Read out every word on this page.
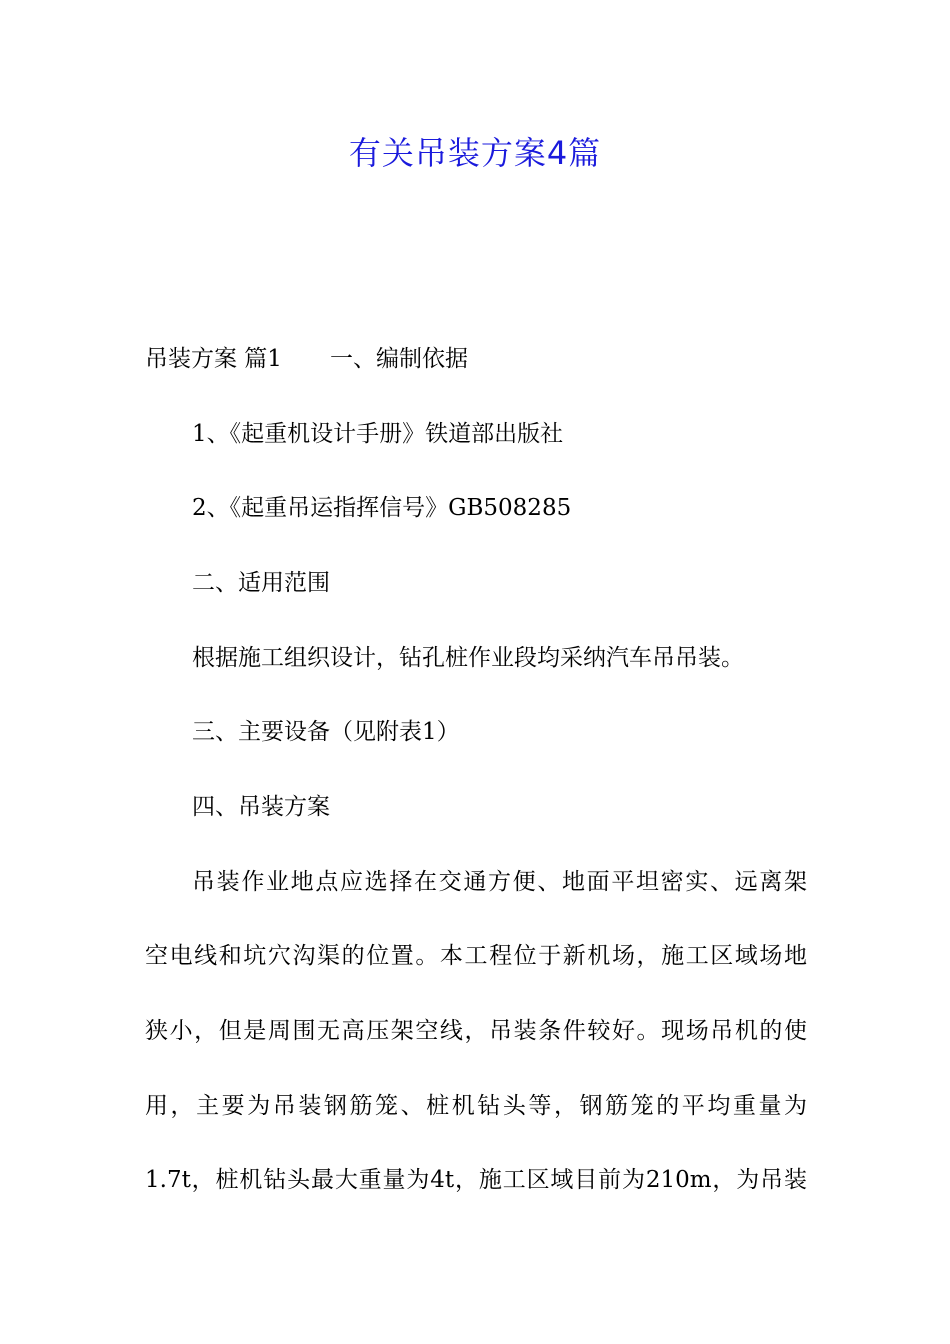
有关吊装方案4篇

吊装方案 篇1 一、编制依据

1、《起重机设计手册》铁道部出版社

2、《起重吊运指挥信号》GB508285

二、适用范围

根据施工组织设计，钻孔桩作业段均采纳汽车吊吊装。

三、主要设备（见附表1）

四、吊装方案

吊装作业地点应选择在交通方便、地面平坦密实、远离架

空电线和坑穴沟渠的位置。本工程位于新机场，施工区域场地

狭小，但是周围无高压架空线，吊装条件较好。现场吊机的使

用，主要为吊装钢筋笼、桩机钻头等，钢筋笼的平均重量为

1.7t，桩机钻头最大重量为4t，施工区域目前为210m，为吊装
